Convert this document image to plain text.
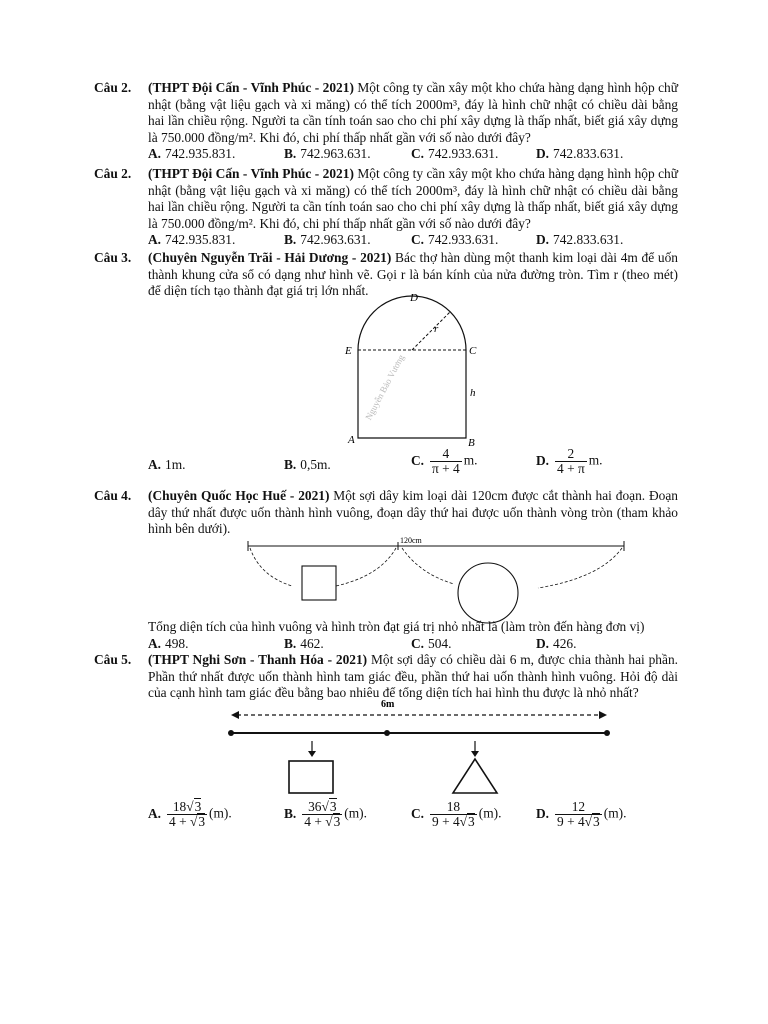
Câu 2. (THPT Đội Cấn - Vĩnh Phúc - 2021) Một công ty cần xây một kho chứa hàng dạng hình hộp chữ nhật (bằng vật liệu gạch và xi măng) có thể tích 2000m³, đáy là hình chữ nhật có chiều dài bằng hai lần chiều rộng. Người ta cần tính toán sao cho chi phí xây dựng là thấp nhất, biết giá xây dựng là 750.000 đồng/m². Khi đó, chi phí thấp nhất gần với số nào dưới đây?
A. 742.935.831.	B. 742.963.631.	C. 742.933.631.	D. 742.833.631.
Câu 2. (THPT Đội Cấn - Vĩnh Phúc - 2021) Một công ty cần xây một kho chứa hàng dạng hình hộp chữ nhật (bằng vật liệu gạch và xi măng) có thể tích 2000m³, đáy là hình chữ nhật có chiều dài bằng hai lần chiều rộng. Người ta cần tính toán sao cho chi phí xây dựng là thấp nhất, biết giá xây dựng là 750.000 đồng/m². Khi đó, chi phí thấp nhất gần với số nào dưới đây?
A. 742.935.831.	B. 742.963.631.	C. 742.933.631.	D. 742.833.631.
Câu 3. (Chuyên Nguyễn Trãi - Hải Dương - 2021) Bác thợ hàn dùng một thanh kim loại dài 4m để uốn thành khung cửa sổ có dạng như hình vẽ. Gọi r là bán kính của nửa đường tròn. Tìm r (theo mét) để diện tích tạo thành đạt giá trị lớn nhất.	D
E	C
A	B
r
h
Nguyễn Bảo Vương
A. 1m.	B. 0,5m.	C. $\frac{4}{\pi + 4} m$.	D. $\frac{2}{4 + \pi} m$.
Câu 4. (Chuyên Quốc Học Huế - 2021) Một sợi dây kim loại dài 120cm được cắt thành hai đoạn. Đoạn dây thứ nhất được uốn thành hình vuông, đoạn dây thứ hai được uốn thành vòng tròn (tham khảo hình bên dưới).
120cm
Tổng diện tích của hình vuông và hình tròn đạt giá trị nhỏ nhất là (làm tròn đến hàng đơn vị)
A. 498.	B. 462.	C. 504.	D. 426.
Câu 5. (THPT Nghi Sơn - Thanh Hóa - 2021) Một sợi dây có chiều dài 6 m, được chia thành hai phần. Phần thứ nhất được uốn thành hình tam giác đều, phần thứ hai uốn thành hình vuông. Hỏi độ dài của cạnh hình tam giác đều bằng bao nhiêu để tổng diện tích hai hình thu được là nhỏ nhất?
6m
A. $\frac{18√3}{4 + √3} (m)$.	B. $\frac{36√3}{4 + √3} (m)$.	C. $\frac{18}{9 + 4√3} (m)$.	D. $\frac{12}{9 + 4√3} (m)$.
